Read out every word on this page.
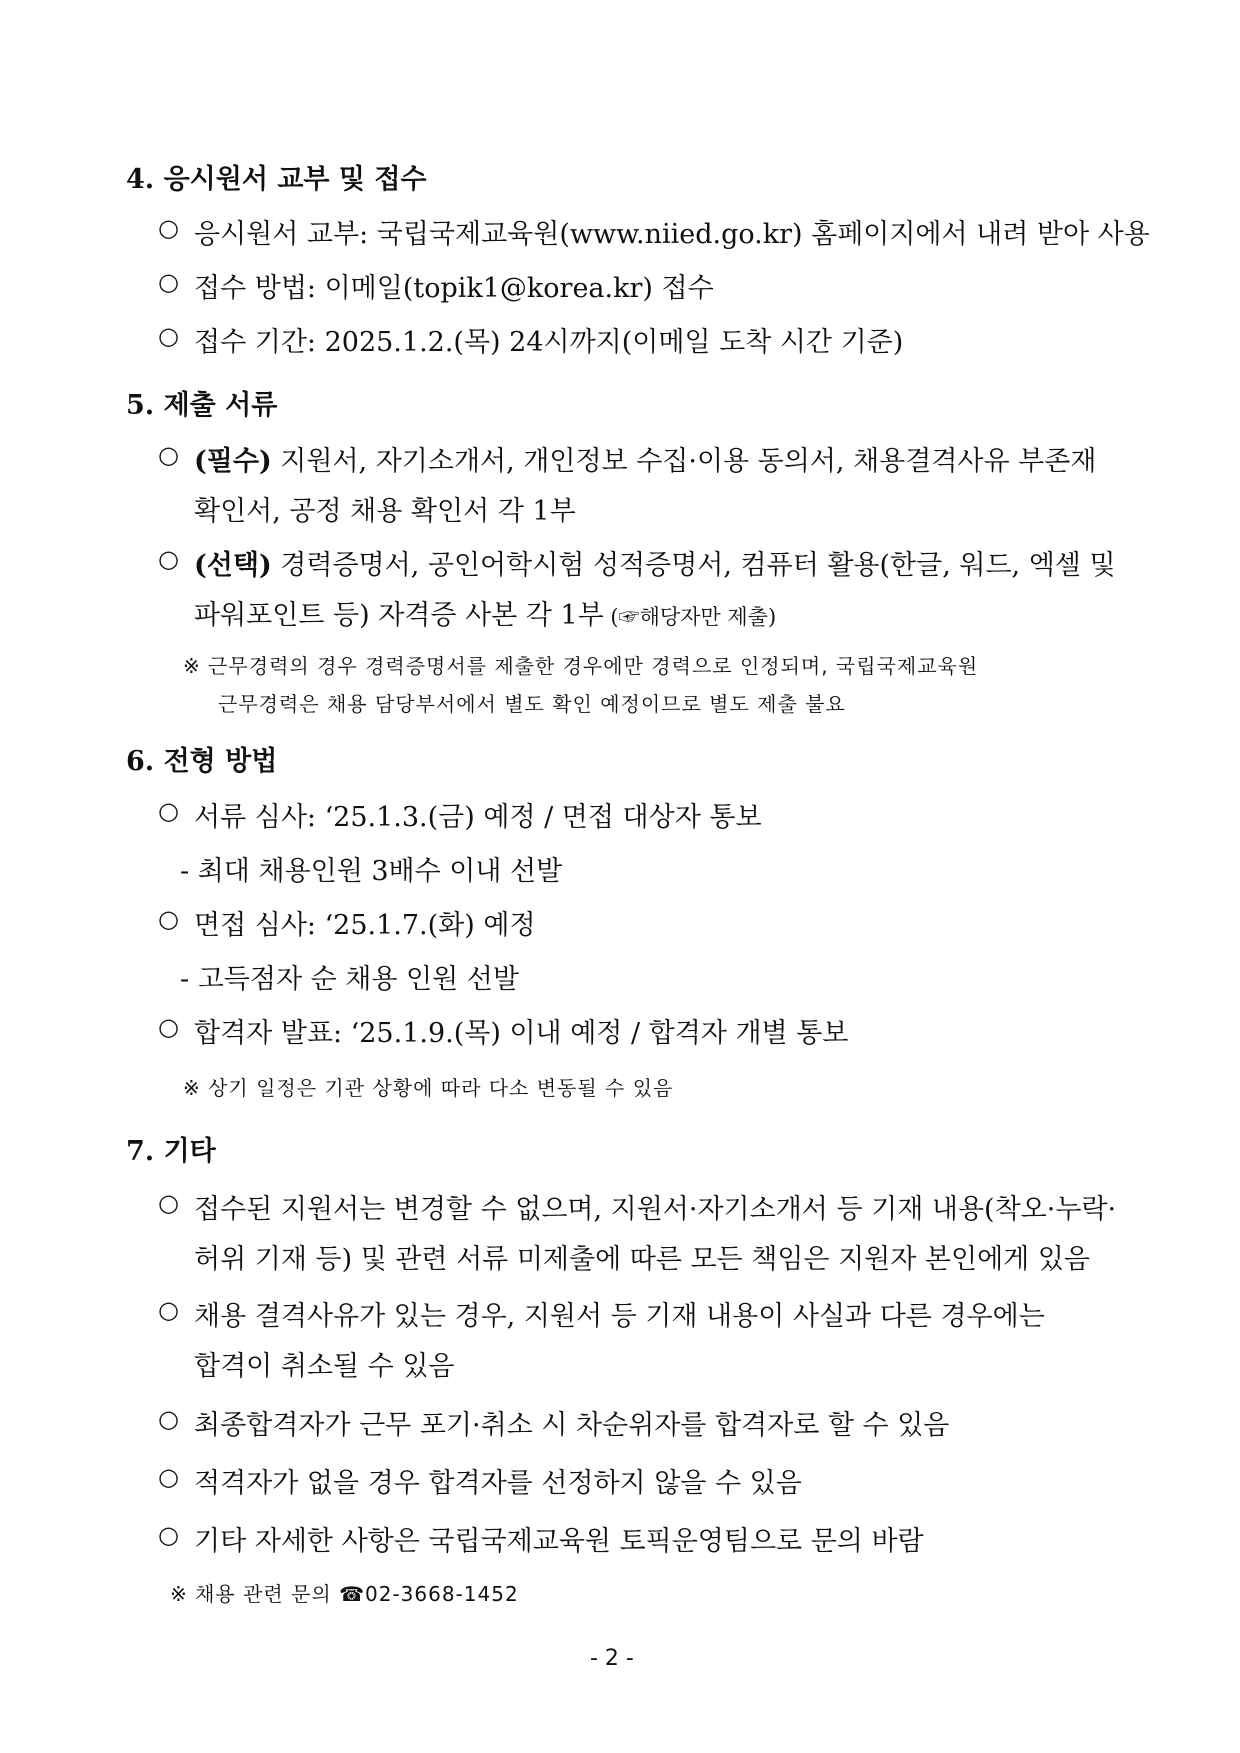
4. 응시원서 교부 및 접수
○ 응시원서 교부: 국립국제교육원(www.niied.go.kr) 홈페이지에서 내려 받아 사용
○ 접수 방법: 이메일(topik1@korea.kr) 접수
○ 접수 기간: 2025.1.2.(목) 24시까지(이메일 도착 시간 기준)
5. 제출 서류
○ (필수) 지원서, 자기소개서, 개인정보 수집·이용 동의서, 채용결격사유 부존재
확인서, 공정 채용 확인서 각 1부
○ (선택) 경력증명서, 공인어학시험 성적증명서, 컴퓨터 활용(한글, 워드, 엑셀 및
파워포인트 등) 자격증 사본 각 1부 (☞해당자만 제출)
※ 근무경력의 경우 경력증명서를 제출한 경우에만 경력으로 인정되며, 국립국제교육원
근무경력은 채용 담당부서에서 별도 확인 예정이므로 별도 제출 불요
6. 전형 방법
○ 서류 심사: ‘25.1.3.(금) 예정 / 면접 대상자 통보
- 최대 채용인원 3배수 이내 선발
○ 면접 심사: ‘25.1.7.(화) 예정
- 고득점자 순 채용 인원 선발
○ 합격자 발표: ‘25.1.9.(목) 이내 예정 / 합격자 개별 통보
※ 상기 일정은 기관 상황에 따라 다소 변동될 수 있음
7. 기타
○ 접수된 지원서는 변경할 수 없으며, 지원서·자기소개서 등 기재 내용(착오·누락·
허위 기재 등) 및 관련 서류 미제출에 따른 모든 책임은 지원자 본인에게 있음
○ 채용 결격사유가 있는 경우, 지원서 등 기재 내용이 사실과 다른 경우에는
합격이 취소될 수 있음
○ 최종합격자가 근무 포기·취소 시 차순위자를 합격자로 할 수 있음
○ 적격자가 없을 경우 합격자를 선정하지 않을 수 있음
○ 기타 자세한 사항은 국립국제교육원 토픽운영팀으로 문의 바람
※ 채용 관련 문의 ☎02-3668-1452
- 2 -
